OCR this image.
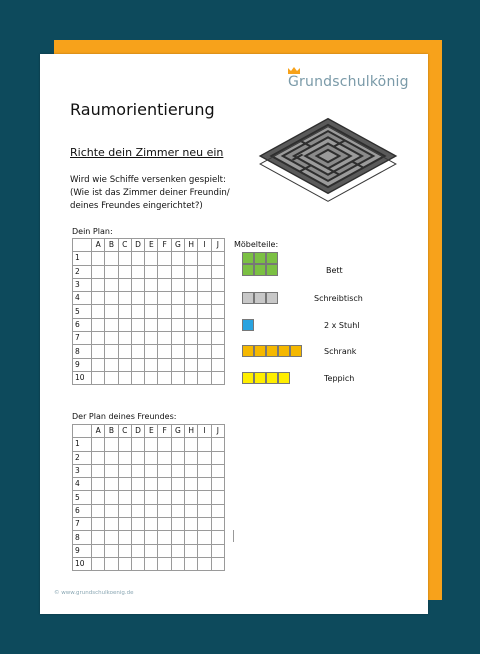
Grundschulkönig
Raumorientierung
Richte dein Zimmer neu ein
Wird wie Schiffe versenken gespielt:
(Wie ist das Zimmer deiner Freundin/
deines Freundes eingerichtet?)
Dein Plan:
	A	B	C	D	E	F	G	H	I	J
1										
2										
3										
4										
5										
6										
7										
8										
9										
10										
Möbelteile:
Bett
Schreibtisch
2 x Stuhl
Schrank
Teppich
Der Plan deines Freundes:
	A	B	C	D	E	F	G	H	I	J
1										
2										
3										
4										
5										
6										
7										
8										
9										
10										
© www.grundschulkoenig.de
